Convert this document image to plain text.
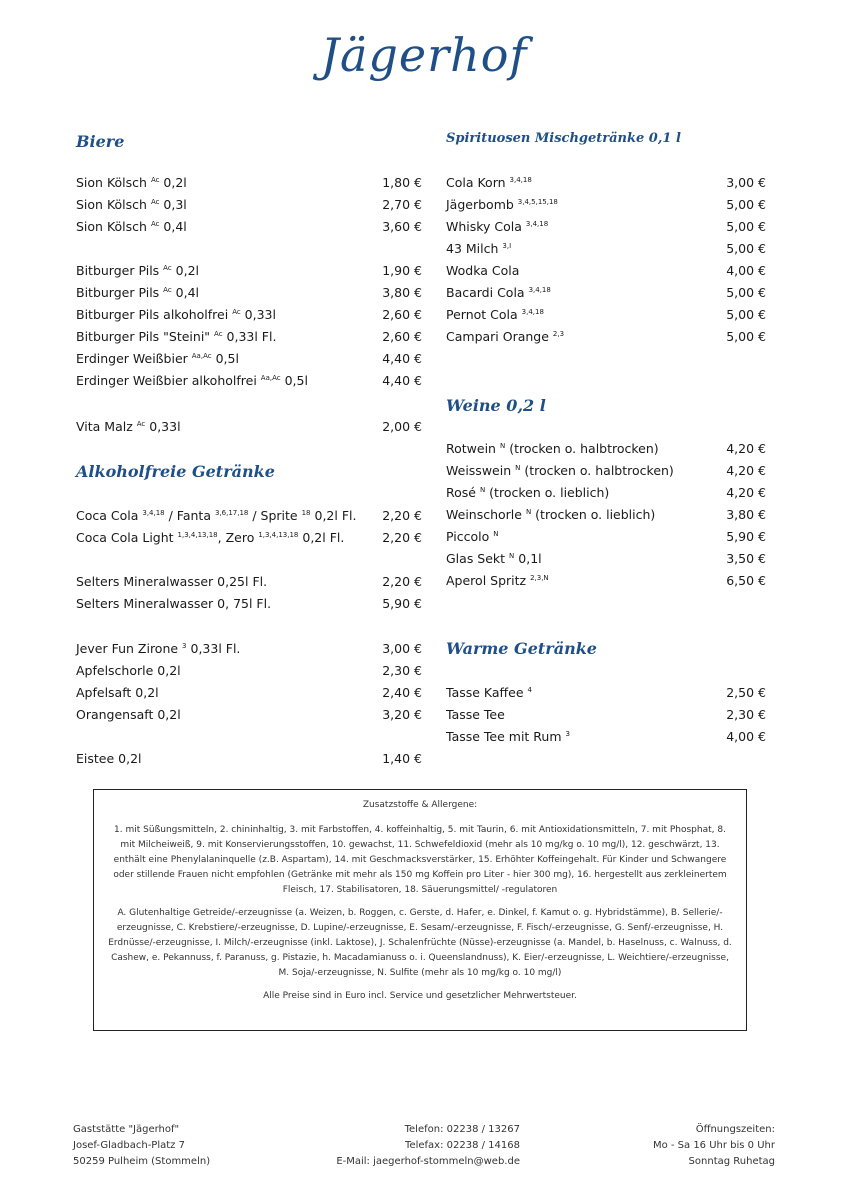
Jägerhof
Biere
Sion Kölsch $^{Ac}$ 0,2l	1,80 €
Sion Kölsch $^{Ac}$ 0,3l	2,70 €
Sion Kölsch $^{Ac}$ 0,4l	3,60 €
Bitburger Pils $^{Ac}$ 0,2l	1,90 €
Bitburger Pils $^{Ac}$ 0,4l	3,80 €
Bitburger Pils alkoholfrei $^{Ac}$ 0,33l	2,60 €
Bitburger Pils "Steini" $^{Ac}$ 0,33l Fl.	2,60 €
Erdinger Weißbier $^{Aa,Ac}$ 0,5l	4,40 €
Erdinger Weißbier alkoholfrei $^{Aa,Ac}$ 0,5l	4,40 €
Vita Malz $^{Ac}$ 0,33l	2,00 €
Alkoholfreie Getränke
Coca Cola $^{3,4,18}$ / Fanta $^{3,6,17,18}$ / Sprite $^{18}$ 0,2l Fl. 2,20 €
Coca Cola Light $^{1,3,4,13,18}$, Zero $^{1,3,4,13,18}$ 0,2l Fl.	2,20 €
Selters Mineralwasser 0,25l Fl.	2,20 €
Selters Mineralwasser 0, 75l Fl.	5,90 €
Jever Fun Zirone $^3$ 0,33l Fl.	3,00 €
Apfelschorle 0,2l	2,30 €
Apfelsaft 0,2l	2,40 €
Orangensaft 0,2l	3,20 €
Eistee 0,2l	1,40 €
Spirituosen Mischgetränke 0,1 l
Cola Korn $^{3,4,18}$	3,00 €
Jägerbomb $^{3,4,5,15,18}$	5,00 €
Whisky Cola $^{3,4,18}$	5,00 €
43 Milch $^{3,I}$	5,00 €
Wodka Cola	4,00 €
Bacardi Cola $^{3,4,18}$	5,00 €
Pernot Cola $^{3,4,18}$	5,00 €
Campari Orange $^{2,3}$	5,00 €
Weine 0,2 l
Rotwein $^N$ (trocken o. halbtrocken)	4,20 €
Weisswein $^N$ (trocken o. halbtrocken)	4,20 €
Rosé $^N$ (trocken o. lieblich)	4,20 €
Weinschorle $^N$ (trocken o. lieblich)	3,80 €
Piccolo $^N$	5,90 €
Glas Sekt $^N$ 0,1l	3,50 €
Aperol Spritz $^{2,3,N}$	6,50 €
Warme Getränke
Tasse Kaffee $^4$	2,50 €
Tasse Tee	2,30 €
Tasse Tee mit Rum $^3$	4,00 €

Zusatzstoffe & Allergene:

1. mit Süßungsmitteln, 2. chininhaltig, 3. mit Farbstoffen, 4. koffeinhaltig, 5. mit Taurin, 6. mit Antioxidationsmitteln, 7. mit Phosphat, 8. mit Milcheiweiß, 9. mit Konservierungsstoffen, 10. gewachst, 11. Schwefeldioxid (mehr als 10 mg/kg o. 10 mg/l), 12. geschwärzt, 13. enthält eine Phenylalaninquelle (z.B. Aspartam), 14. mit Geschmacksverstärker, 15. Erhöhter Koffeingehalt. Für Kinder und Schwangere oder stillende Frauen nicht empfohlen (Getränke mit mehr als 150 mg Koffein pro Liter - hier 300 mg), 16. hergestellt aus zerkleinertem Fleisch, 17. Stabilisatoren, 18. Säuerungsmittel/ -regulatoren

A. Glutenhaltige Getreide/-erzeugnisse (a. Weizen, b. Roggen, c. Gerste, d. Hafer, e. Dinkel, f. Kamut o. g. Hybridstämme), B. Sellerie/-erzeugnisse, C. Krebstiere/-erzeugnisse, D. Lupine/-erzeugnisse, E. Sesam/-erzeugnisse, F. Fisch/-erzeugnisse, G. Senf/-erzeugnisse, H. Erdnüsse/-erzeugnisse, I. Milch/-erzeugnisse (inkl. Laktose), J. Schalenfrüchte (Nüsse)-erzeugnisse (a. Mandel, b. Haselnuss, c. Walnuss, d. Cashew, e. Pekannuss, f. Paranuss, g. Pistazie, h. Macadamianuss o. i. Queenslandnuss), K. Eier/-erzeugnisse, L. Weichtiere/-erzeugnisse, M. Soja/-erzeugnisse, N. Sulfite (mehr als 10 mg/kg o. 10 mg/l)

Alle Preise sind in Euro incl. Service und gesetzlicher Mehrwertsteuer.

Gaststätte "Jägerhof"
Josef-Gladbach-Platz 7
50259 Pulheim (Stommeln)
Telefon: 02238 / 13267
Telefax: 02238 / 14168
E-Mail: jaegerhof-stommeln@web.de
Öffnungszeiten:
Mo - Sa 16 Uhr bis 0 Uhr
Sonntag Ruhetag
